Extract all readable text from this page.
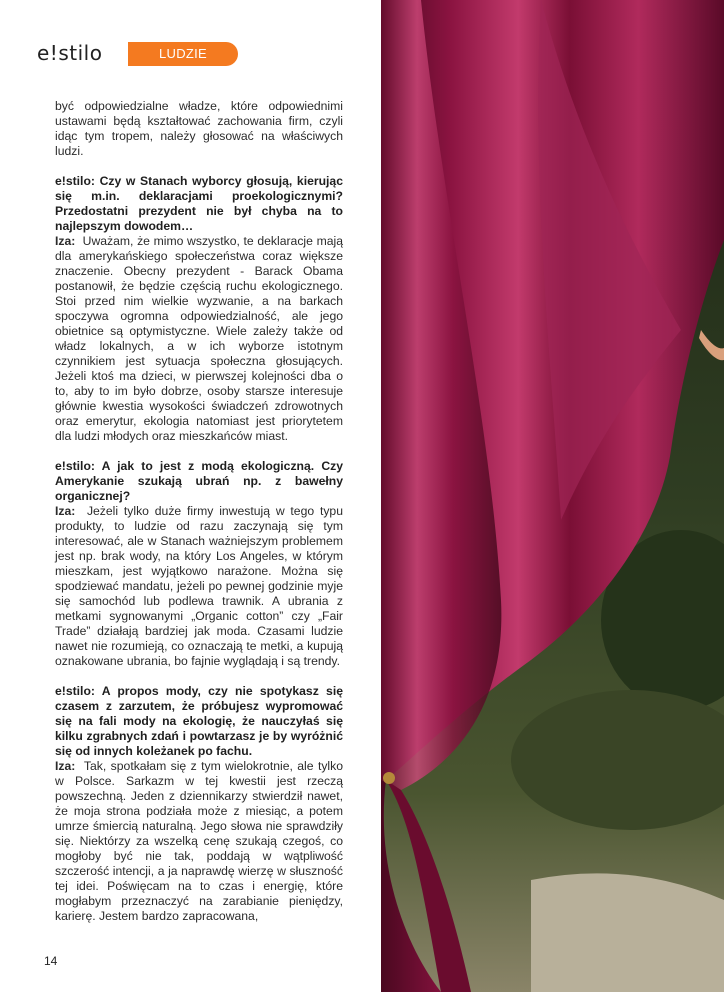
e!stilo	LUDZIE

być odpowiedzialne władze, które odpowiednimi ustawami będą kształtować zachowania firm, czyli idąc tym tropem, należy głosować na właściwych ludzi.

e!stilo: Czy w Stanach wyborcy głosują, kierując się m.in. deklaracjami proekologicznymi? Przedostatni prezydent nie był chyba na to najlepszym dowodem…

Iza: Uważam, że mimo wszystko, te deklaracje mają dla amerykańskiego społeczeństwa coraz większe znaczenie. Obecny prezydent - Barack Obama postanowił, że będzie częścią ruchu ekologicznego. Stoi przed nim wielkie wyzwanie, a na barkach spoczywa ogromna odpowiedzialność, ale jego obietnice są optymistyczne. Wiele zależy także od władz lokalnych, a w ich wyborze istotnym czynnikiem jest sytuacja społeczna głosujących. Jeżeli ktoś ma dzieci, w pierwszej kolejności dba o to, aby to im było dobrze, osoby starsze interesuje głównie kwestia wysokości świadczeń zdrowotnych oraz emerytur, ekologia natomiast jest priorytetem dla ludzi młodych oraz mieszkańców miast.

e!stilo: A jak to jest z modą ekologiczną. Czy Amerykanie szukają ubrań np. z bawełny organicznej?

Iza: Jeżeli tylko duże firmy inwestują w tego typu produkty, to ludzie od razu zaczynają się tym interesować, ale w Stanach ważniejszym problemem jest np. brak wody, na który Los Angeles, w którym mieszkam, jest wyjątkowo narażone. Można się spodziewać mandatu, jeżeli po pewnej godzinie myje się samochód lub podlewa trawnik. A ubrania z metkami sygnowanymi „Organic cotton” czy „Fair Trade” działają bardziej jak moda. Czasami ludzie nawet nie rozumieją, co oznaczają te metki, a kupują oznakowane ubrania, bo fajnie wyglądają i są trendy.

e!stilo: A propos mody, czy nie spotykasz się czasem z zarzutem, że próbujesz wypromować się na fali mody na ekologię, że nauczyłaś się kilku zgrabnych zdań i powtarzasz je by wyróżnić się od innych koleżanek po fachu.

Iza: Tak, spotkałam się z tym wielokrotnie, ale tylko w Polsce. Sarkazm w tej kwestii jest rzeczą powszechną. Jeden z dziennikarzy stwierdził nawet, że moja strona podziała może z miesiąc, a potem umrze śmiercią naturalną. Jego słowa nie sprawdziły się. Niektórzy za wszelką cenę szukają czegoś, co mogłoby być nie tak, poddają w wątpliwość szczerość intencji, a ja naprawdę wierzę w słuszność tej idei. Poświęcam na to czas i energię, które mogłabym przeznaczyć na zarabianie pieniędzy, karierę. Jestem bardzo zapracowana,

14
